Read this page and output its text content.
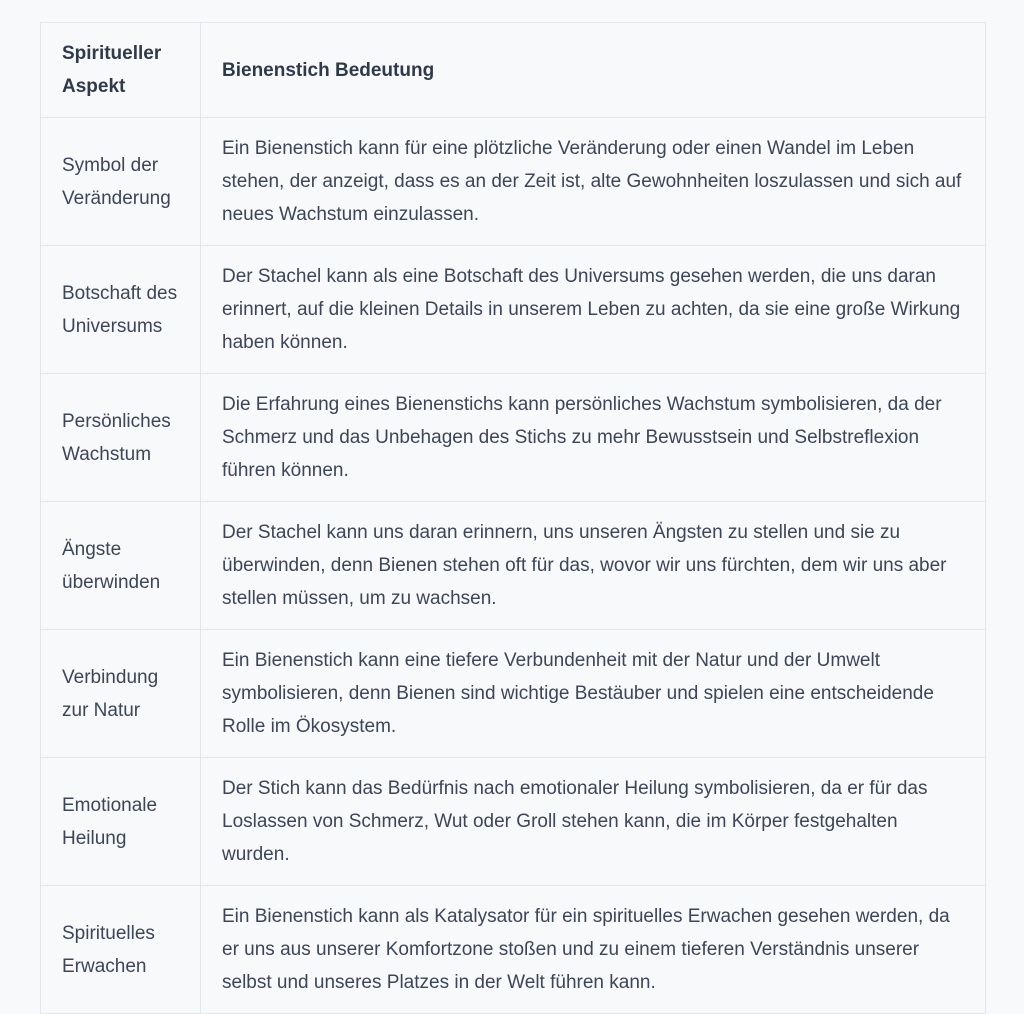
Spiritueller Aspekt	Bienenstich Bedeutung
Symbol der Veränderung	Ein Bienenstich kann für eine plötzliche Veränderung oder einen Wandel im Leben stehen, der anzeigt, dass es an der Zeit ist, alte Gewohnheiten loszulassen und sich auf neues Wachstum einzulassen.
Botschaft des Universums	Der Stachel kann als eine Botschaft des Universums gesehen werden, die uns daran erinnert, auf die kleinen Details in unserem Leben zu achten, da sie eine große Wirkung haben können.
Persönliches Wachstum	Die Erfahrung eines Bienenstichs kann persönliches Wachstum symbolisieren, da der Schmerz und das Unbehagen des Stichs zu mehr Bewusstsein und Selbstreflexion führen können.
Ängste überwinden	Der Stachel kann uns daran erinnern, uns unseren Ängsten zu stellen und sie zu überwinden, denn Bienen stehen oft für das, wovor wir uns fürchten, dem wir uns aber stellen müssen, um zu wachsen.
Verbindung zur Natur	Ein Bienenstich kann eine tiefere Verbundenheit mit der Natur und der Umwelt symbolisieren, denn Bienen sind wichtige Bestäuber und spielen eine entscheidende Rolle im Ökosystem.
Emotionale Heilung	Der Stich kann das Bedürfnis nach emotionaler Heilung symbolisieren, da er für das Loslassen von Schmerz, Wut oder Groll stehen kann, die im Körper festgehalten wurden.
Spirituelles Erwachen	Ein Bienenstich kann als Katalysator für ein spirituelles Erwachen gesehen werden, da er uns aus unserer Komfortzone stoßen und zu einem tieferen Verständnis unserer selbst und unseres Platzes in der Welt führen kann.
